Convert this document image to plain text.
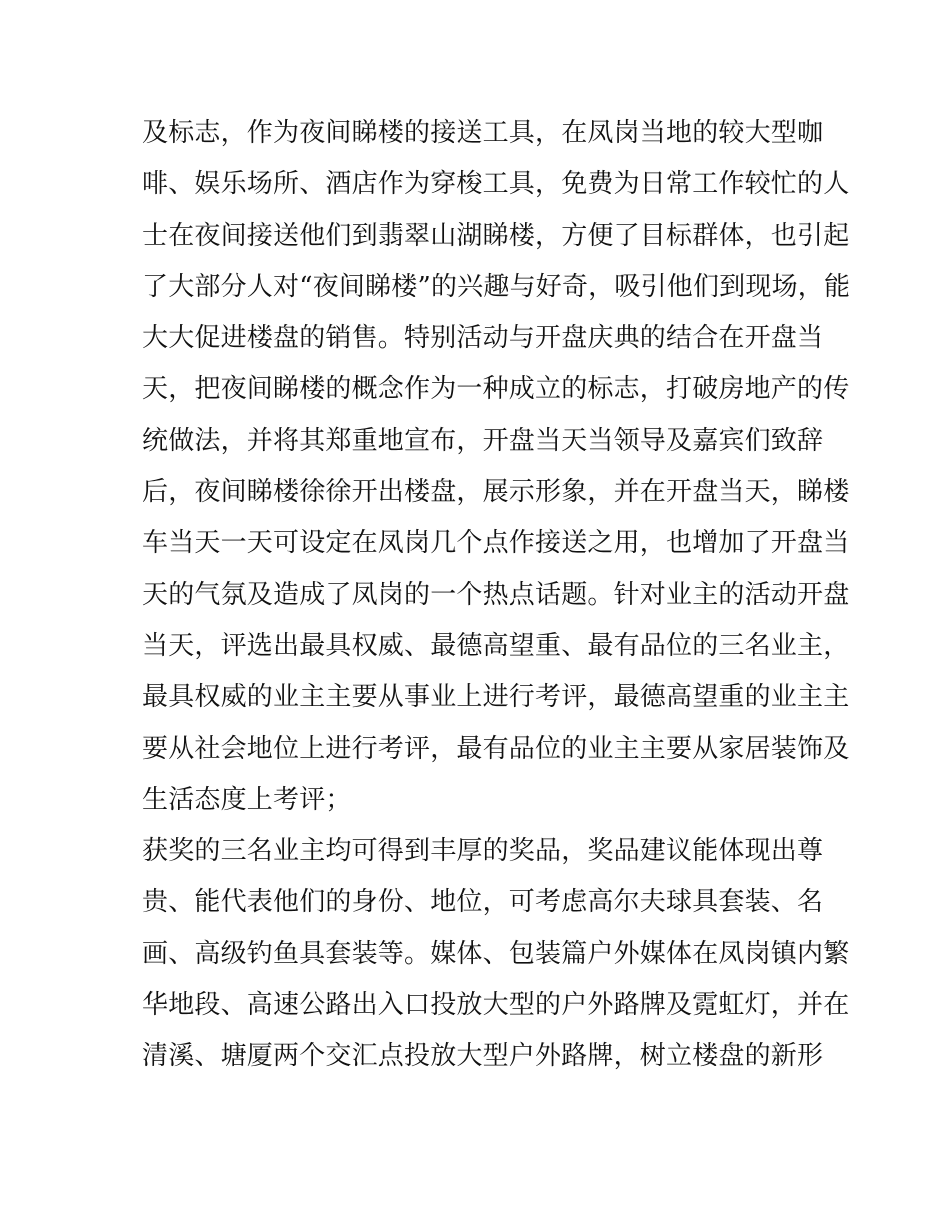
及标志，作为夜间睇楼的接送工具，在凤岗当地的较大型咖
啡、娱乐场所、酒店作为穿梭工具，免费为日常工作较忙的人
士在夜间接送他们到翡翠山湖睇楼，方便了目标群体，也引起
了大部分人对“夜间睇楼”的兴趣与好奇，吸引他们到现场，能
大大促进楼盘的销售。特别活动与开盘庆典的结合在开盘当
天，把夜间睇楼的概念作为一种成立的标志，打破房地产的传
统做法，并将其郑重地宣布，开盘当天当领导及嘉宾们致辞
后，夜间睇楼徐徐开出楼盘，展示形象，并在开盘当天，睇楼
车当天一天可设定在凤岗几个点作接送之用，也增加了开盘当
天的气氛及造成了凤岗的一个热点话题。针对业主的活动开盘
当天，评选出最具权威、最德高望重、最有品位的三名业主，
最具权威的业主主要从事业上进行考评，最德高望重的业主主
要从社会地位上进行考评，最有品位的业主主要从家居装饰及
生活态度上考评；
获奖的三名业主均可得到丰厚的奖品，奖品建议能体现出尊
贵、能代表他们的身份、地位，可考虑高尔夫球具套装、名
画、高级钓鱼具套装等。媒体、包装篇户外媒体在凤岗镇内繁
华地段、高速公路出入口投放大型的户外路牌及霓虹灯，并在
清溪、塘厦两个交汇点投放大型户外路牌，树立楼盘的新形
